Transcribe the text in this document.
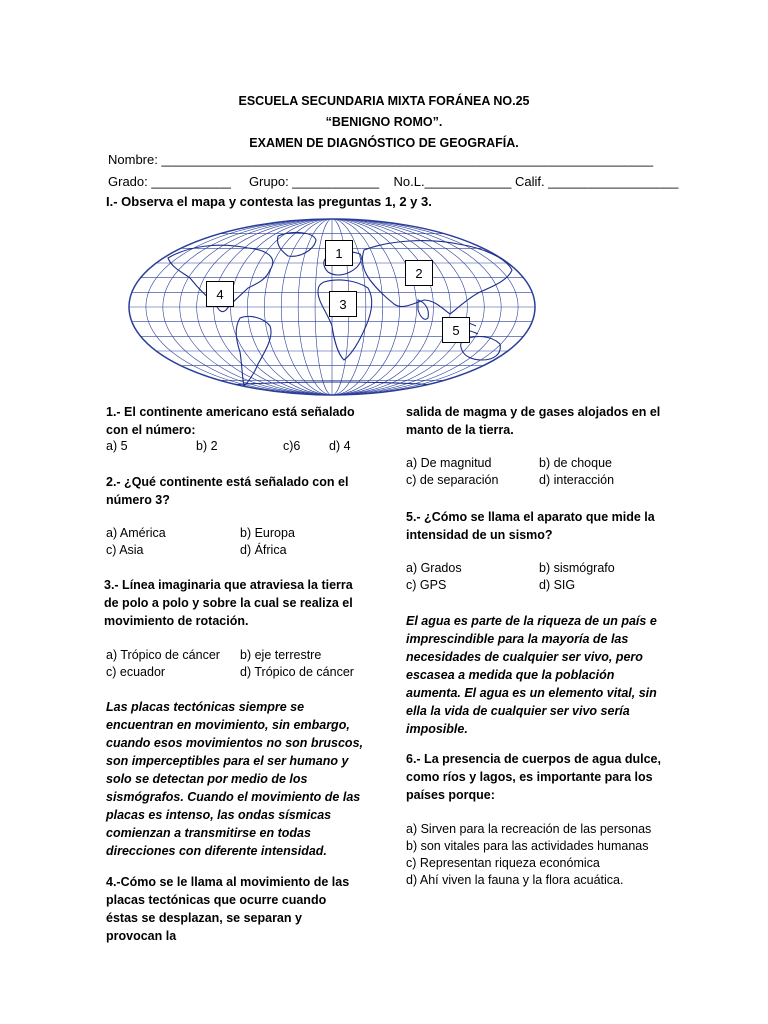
ESCUELA SECUNDARIA MIXTA FORÁNEA NO.25
“BENIGNO ROMO”.
EXAMEN DE DIAGNÓSTICO DE GEOGRAFÍA.
Nombre: ____________________________________________________________________
Grado: ___________     Grupo: ____________    No.L.____________ Calif. __________________
I.- Observa el mapa y contesta las preguntas 1, 2 y 3.
1
2
3
4
5
1.- El continente americano está señalado con el número:
a) 5	b) 2	c)6 d) 4
2.- ¿Qué continente está señalado con el número 3?
a) América	b) Europa
c) Asia	d) África
3.- Línea imaginaria que atraviesa la tierra de polo a polo y sobre la cual se realiza el movimiento de rotación.
a) Trópico de cáncer b) eje terrestre
c) ecuador	d) Trópico de cáncer
Las placas tectónicas siempre se encuentran en movimiento, sin embargo, cuando esos movimientos no son bruscos, son imperceptibles para el ser humano y solo se detectan por medio de los sismógrafos. Cuando el movimiento de las placas es intenso, las ondas sísmicas comienzan a transmitirse en todas direcciones con diferente intensidad.
4.-Cómo se le llama al movimiento de las placas tectónicas que ocurre cuando éstas se desplazan, se separan y provocan la
salida de magma y de gases alojados en el manto de la tierra.
a) De magnitud	b) de choque
c) de separación	d) interacción
5.- ¿Cómo se llama el aparato que mide la intensidad de un sismo?
a) Grados	b) sismógrafo
c) GPS	d) SIG
El agua es parte de la riqueza de un país e imprescindible para la mayoría de las necesidades de cualquier ser vivo, pero escasea a medida que la población aumenta. El agua es un elemento vital, sin ella la vida de cualquier ser vivo sería imposible.
6.- La presencia de cuerpos de agua dulce, como ríos y lagos, es importante para los países porque:
a) Sirven para la recreación de las personas
b) son vitales para las actividades humanas
c) Representan riqueza económica
d) Ahí viven la fauna y la flora acuática.
